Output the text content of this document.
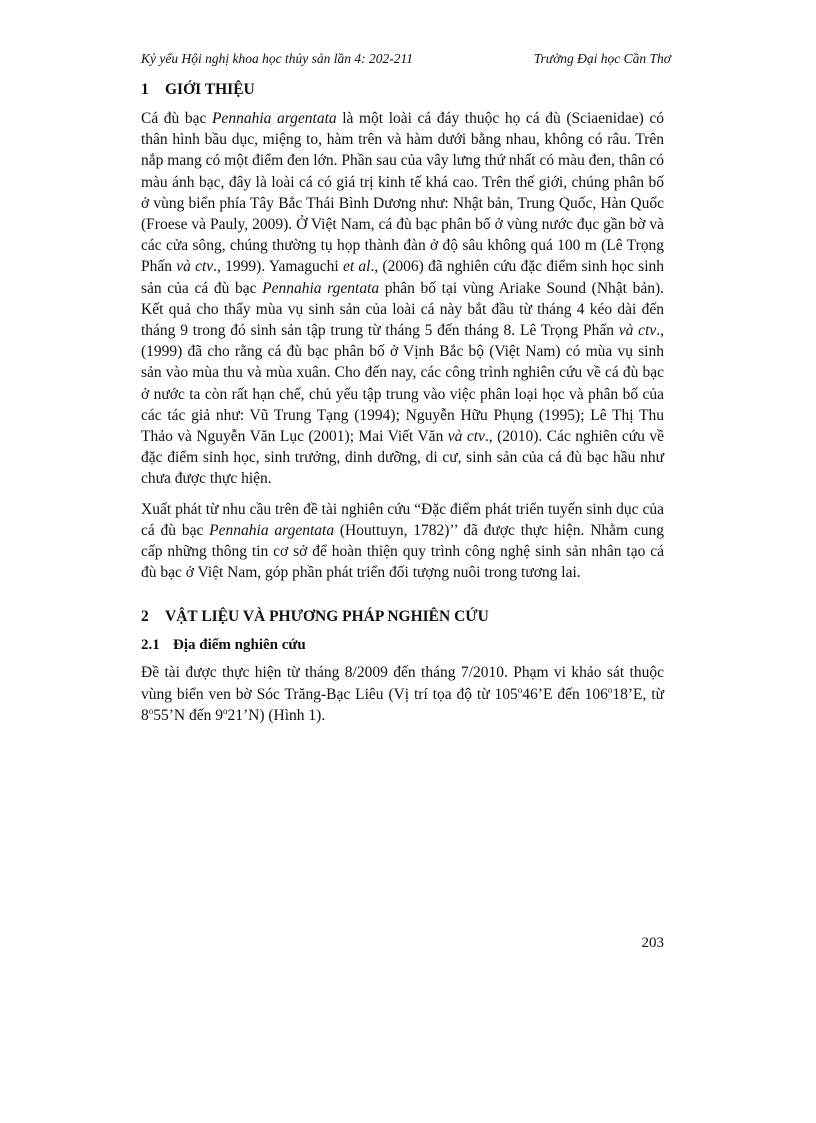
Kỷ yếu Hội nghị khoa học thủy sản lần 4: 202-211	Trường Đại học Cần Thơ
1	GIỚI THIỆU

Cá đù bạc Pennahia argentata là một loài cá đáy thuộc họ cá đù (Sciaenidae) có thân hình bầu dục, miệng to, hàm trên và hàm dưới bằng nhau, không có râu. Trên nắp mang có một điểm đen lớn. Phần sau của vây lưng thứ nhất có màu đen, thân có màu ánh bạc, đây là loài cá có giá trị kinh tế khá cao. Trên thế giới, chúng phân bố ở vùng biển phía Tây Bắc Thái Bình Dương như: Nhật bản, Trung Quốc, Hàn Quốc (Froese và Pauly, 2009). Ở Việt Nam, cá đù bạc phân bố ở vùng nước đục gần bờ và các cửa sông, chúng thường tụ họp thành đàn ở độ sâu không quá 100 m (Lê Trọng Phấn và ctv., 1999). Yamaguchi et al., (2006) đã nghiên cứu đặc điểm sinh học sinh sản của cá đù bạc Pennahia rgentata phân bố tại vùng Ariake Sound (Nhật bản). Kết quả cho thấy mùa vụ sinh sản của loài cá này bắt đầu từ tháng 4 kéo dài đến tháng 9 trong đó sinh sản tập trung từ tháng 5 đến tháng 8. Lê Trọng Phấn và ctv., (1999) đã cho rằng cá đù bạc phân bố ở Vịnh Bắc bộ (Việt Nam) có mùa vụ sinh sản vào mùa thu và mùa xuân. Cho đến nay, các công trình nghiên cứu về cá đù bạc ở nước ta còn rất hạn chế, chủ yếu tập trung vào việc phân loại học và phân bố của các tác giả như: Vũ Trung Tạng (1994); Nguyễn Hữu Phụng (1995); Lê Thị Thu Thảo và Nguyễn Văn Lục (2001); Mai Viết Văn và ctv., (2010). Các nghiên cứu về đặc điểm sinh học, sinh trưởng, dinh dưỡng, di cư, sinh sản của cá đù bạc hầu như chưa được thực hiện.

Xuất phát từ nhu cầu trên đề tài nghiên cứu “Đặc điểm phát triển tuyến sinh dục của cá đù bạc Pennahia argentata (Houttuyn, 1782)’’ đã được thực hiện. Nhằm cung cấp những thông tin cơ sở để hoàn thiện quy trình công nghệ sinh sản nhân tạo cá đù bạc ở Việt Nam, góp phần phát triển đối tượng nuôi trong tương lai.

2	VẬT LIỆU VÀ PHƯƠNG PHÁP NGHIÊN CỨU
2.1 Địa điểm nghiên cứu

Đề tài được thực hiện từ tháng 8/2009 đến tháng 7/2010. Phạm vi khảo sát thuộc vùng biển ven bờ Sóc Trăng-Bạc Liêu (Vị trí tọa độ từ 105$^o$46’E đến 106$^o$18’E, từ 8$^o$55’N đến 9$^o$21’N) (Hình 1).

203
